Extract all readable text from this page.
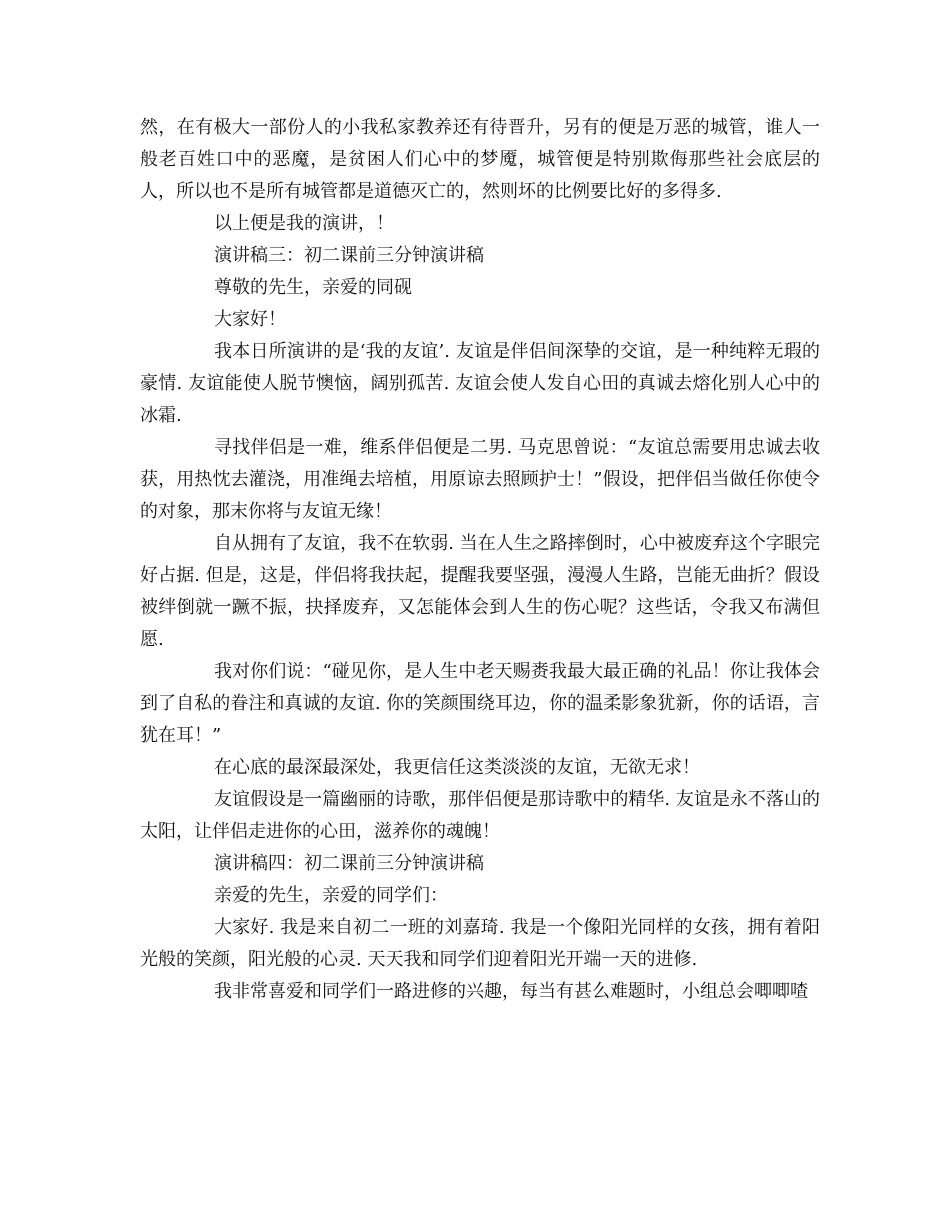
然，在有极大一部份人的小我私家教养还有待晋升，另有的便是万恶的城管，谁人一般老百姓口中的恶魔，是贫困人们心中的梦魇，城管便是特别欺侮那些社会底层的人，所以也不是所有城管都是道德灭亡的，然则坏的比例要比好的多得多.

以上便是我的演讲，！

演讲稿三：初二课前三分钟演讲稿

尊敬的先生，亲爱的同砚

大家好！

我本日所演讲的是‘我的友谊’. 友谊是伴侣间深挚的交谊，是一种纯粹无瑕的豪情. 友谊能使人脱节懊恼，阔别孤苦. 友谊会使人发自心田的真诚去熔化别人心中的冰霜.

寻找伴侣是一难，维系伴侣便是二男. 马克思曾说：“友谊总需要用忠诚去收获，用热忱去灌浇，用准绳去培植，用原谅去照顾护士！”假设，把伴侣当做任你使令的对象，那末你将与友谊无缘！

自从拥有了友谊，我不在软弱. 当在人生之路摔倒时，心中被废弃这个字眼完好占据. 但是，这是，伴侣将我扶起，提醒我要坚强，漫漫人生路，岂能无曲折？假设被绊倒就一蹶不振，抉择废弃，又怎能体会到人生的伤心呢？这些话，令我又布满但愿.

我对你们说：“碰见你，是人生中老天赐赉我最大最正确的礼品！你让我体会到了自私的眷注和真诚的友谊. 你的笑颜围绕耳边，你的温柔影象犹新，你的话语，言犹在耳！”

在心底的最深最深处，我更信任这类淡淡的友谊，无欲无求！

友谊假设是一篇幽丽的诗歌，那伴侣便是那诗歌中的精华. 友谊是永不落山的太阳，让伴侣走进你的心田，滋养你的魂魄！

演讲稿四：初二课前三分钟演讲稿

亲爱的先生，亲爱的同学们：

大家好. 我是来自初二一班的刘嘉琦. 我是一个像阳光同样的女孩，拥有着阳光般的笑颜，阳光般的心灵. 天天我和同学们迎着阳光开端一天的进修.

我非常喜爱和同学们一路进修的兴趣，每当有甚么难题时，小组总会唧唧喳
